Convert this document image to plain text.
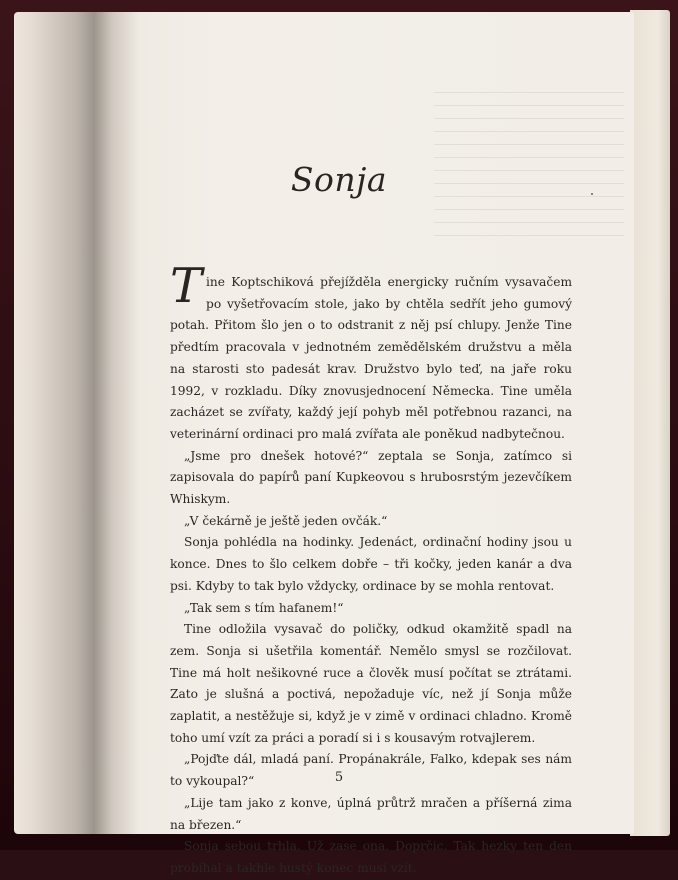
Sonja

Tine Koptschiková přejížděla energicky ručním vysavačem po vyšetřovacím stole, jako by chtěla sedřít jeho gumový potah. Přitom šlo jen o to odstranit z něj psí chlupy. Jenže Tine předtím pracovala v jednotném zemědělském družstvu a měla na starosti sto padesát krav. Družstvo bylo teď, na jaře roku 1992, v rozkladu. Díky znovusjednocení Německa. Tine uměla zacházet se zvířaty, každý její pohyb měl potřebnou razanci, na veterinární ordinaci pro malá zvířata ale poněkud nadbytečnou.

„Jsme pro dnešek hotové?“ zeptala se Sonja, zatímco si zapisovala do papírů paní Kupkeovou s hrubosrstým jezevčíkem Whiskym.

„V čekárně je ještě jeden ovčák.“

Sonja pohlédla na hodinky. Jedenáct, ordinační hodiny jsou u konce. Dnes to šlo celkem dobře – tři kočky, jeden kanár a dva psi. Kdyby to tak bylo vždycky, ordinace by se mohla rentovat.

„Tak sem s tím hafanem!“

Tine odložila vysavač do poličky, odkud okamžitě spadl na zem. Sonja si ušetřila komentář. Nemělo smysl se rozčilovat. Tine má holt nešikovné ruce a člověk musí počítat se ztrátami. Zato je slušná a poctivá, nepožaduje víc, než jí Sonja může zaplatit, a nestěžuje si, když je v zimě v ordinaci chladno. Kromě toho umí vzít za práci a poradí si i s kousavým rotvajlerem.

„Pojďte dál, mladá paní. Propánakrále, Falko, kdepak ses nám to vykoupal?“

„Lije tam jako z konve, úplná průtrž mračen a příšerná zima na březen.“

Sonja sebou trhla. Už zase ona. Doprčic. Tak hezky ten den probíhal a takhle hustý konec musí vzít.

5
